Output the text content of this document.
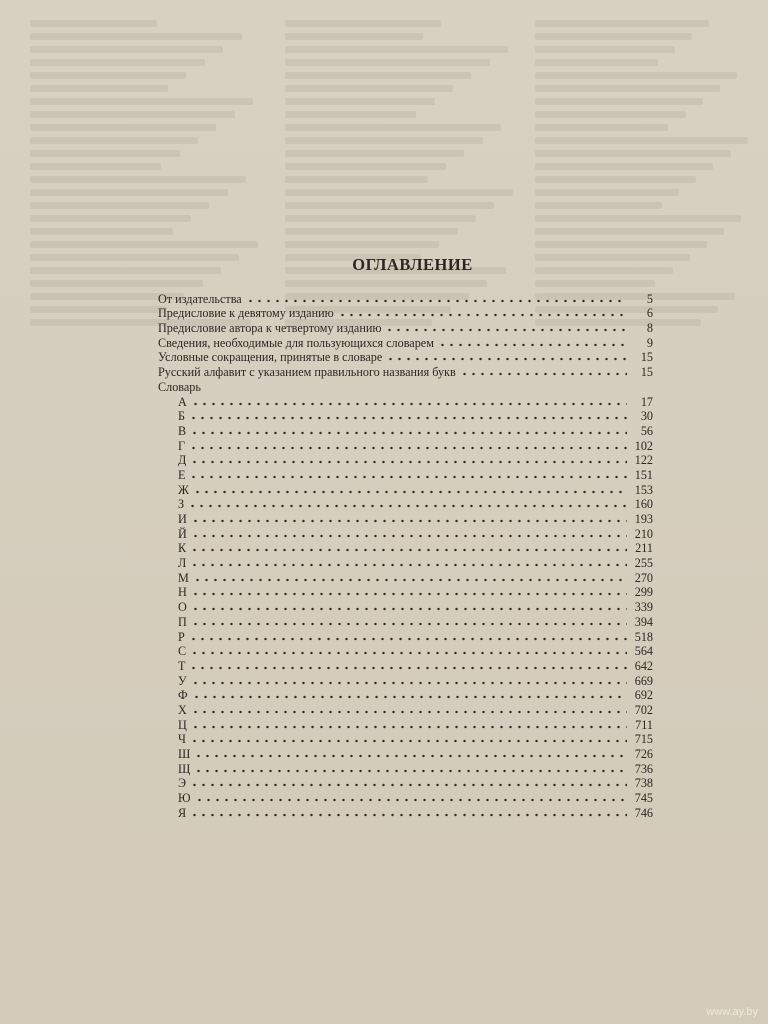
ОГЛАВЛЕНИЕ
От издательства	5
Предисловие к девятому изданию	6
Предисловие автора к четвертому изданию	8
Сведения, необходимые для пользующихся словарем	9
Условные сокращения, принятые в словаре	15
Русский алфавит с указанием правильного названия букв	15
Словарь
А	17
Б	30
В	56
Г	102
Д	122
Е	151
Ж	153
З	160
И	193
Й	210
К	211
Л	255
М	270
Н	299
О	339
П	394
Р	518
С	564
Т	642
У	669
Ф	692
Х	702
Ц	711
Ч	715
Ш	726
Щ	736
Э	738
Ю	745
Я	746
www.ay.by
